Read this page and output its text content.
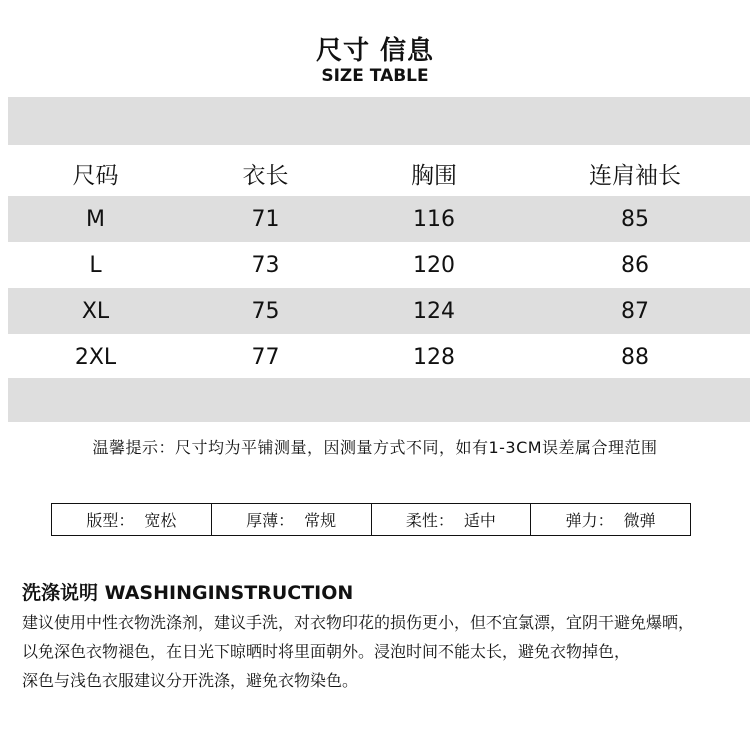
尺寸 信息
SIZE TABLE
尺码	衣长	胸围	连肩袖长
M	71	116	85
L	73	120	86
XL	75	124	87
2XL	77	128	88
温馨提示：尺寸均为平铺测量，因测量方式不同，如有1-3CM误差属合理范围
版型： 宽松	厚薄： 常规	柔性： 适中	弹力： 微弹
洗涤说明 WASHINGINSTRUCTION
建议使用中性衣物洗涤剂，建议手洗，对衣物印花的损伤更小，但不宜氯漂，宜阴干避免爆晒，
以免深色衣物褪色，在日光下晾晒时将里面朝外。浸泡时间不能太长，避免衣物掉色，
深色与浅色衣服建议分开洗涤，避免衣物染色。
